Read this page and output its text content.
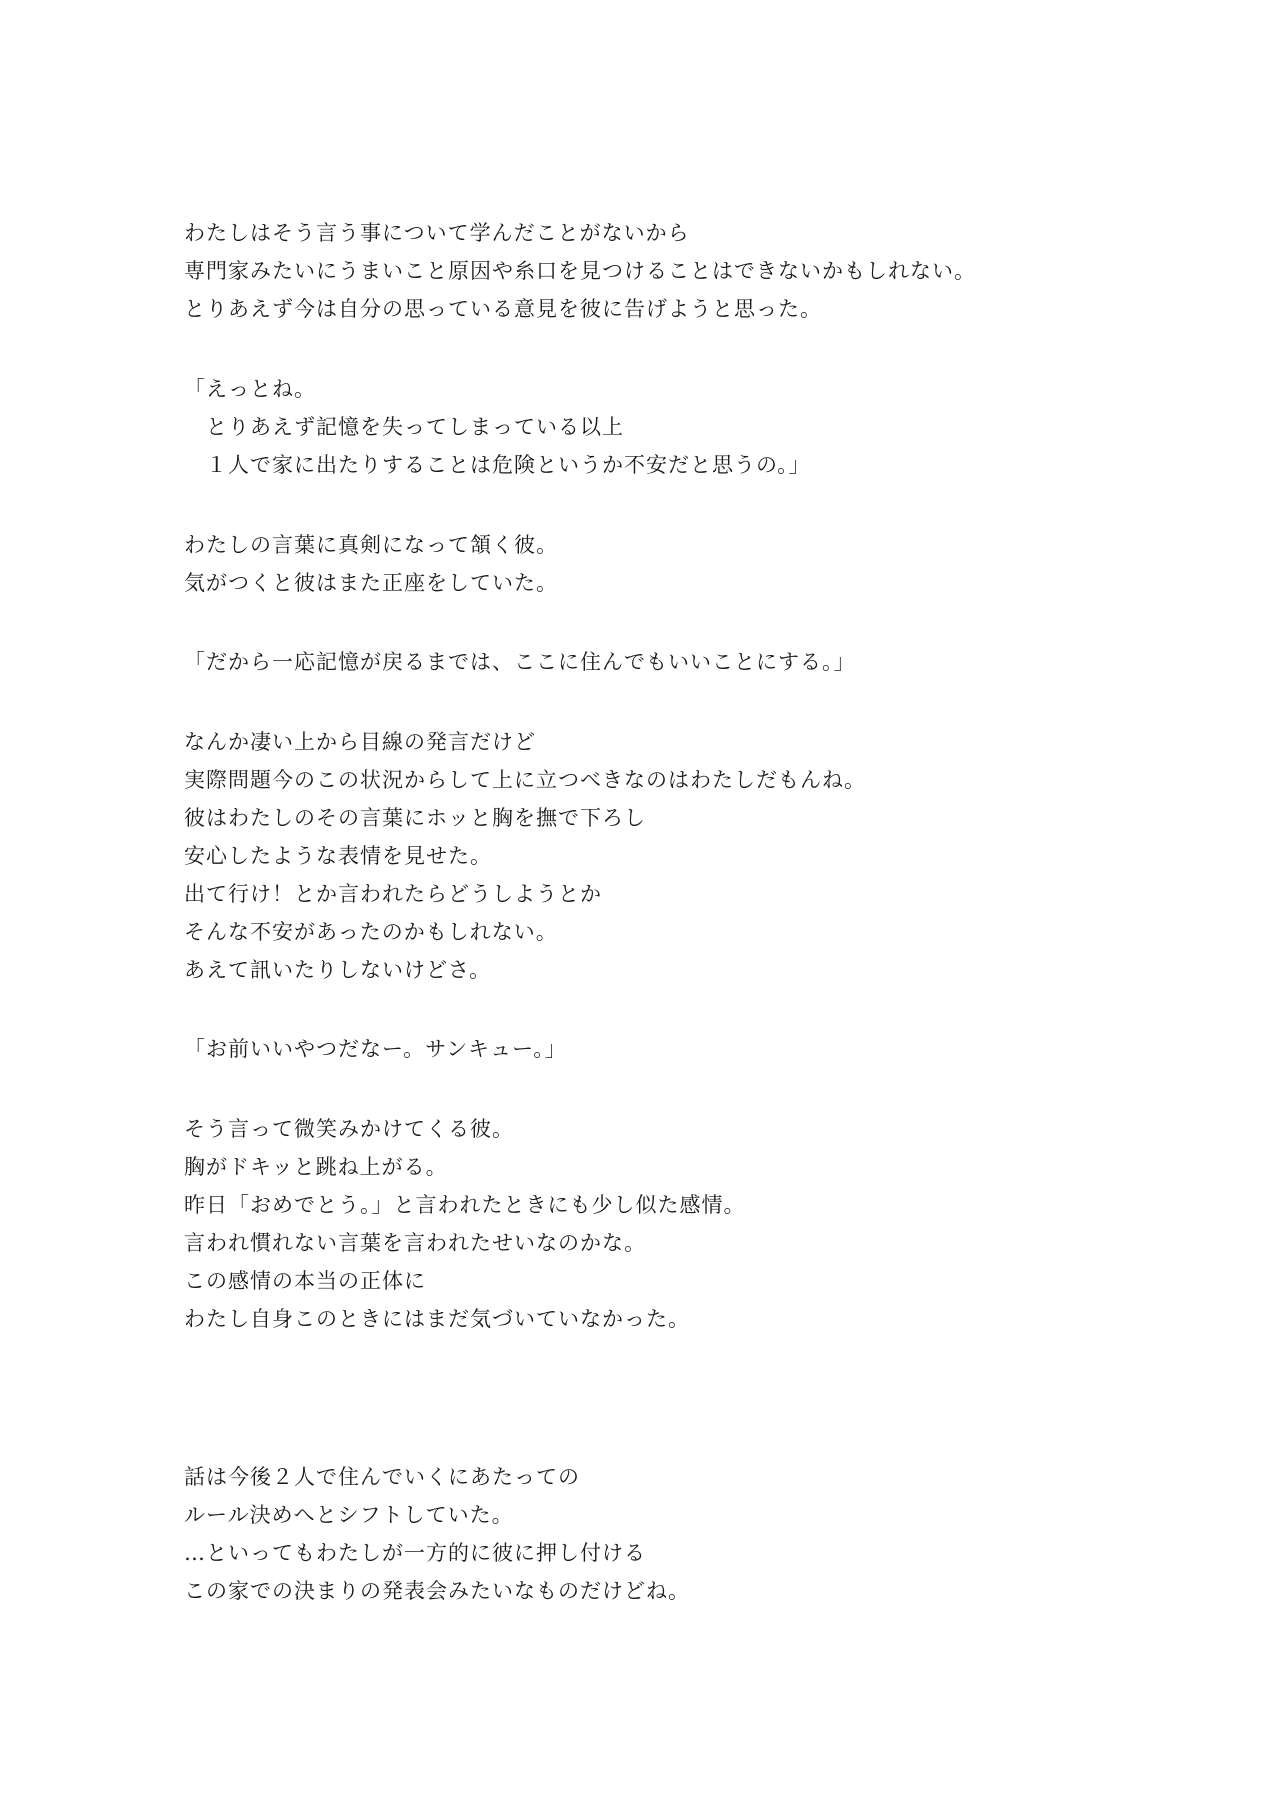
わたしはそう言う事について学んだことがないから
専門家みたいにうまいこと原因や糸口を見つけることはできないかもしれない。
とりあえず今は自分の思っている意見を彼に告げようと思った。
「えっとね。
　とりあえず記憶を失ってしまっている以上
　１人で家に出たりすることは危険というか不安だと思うの。」
わたしの言葉に真剣になって頷く彼。
気がつくと彼はまた正座をしていた。
「だから一応記憶が戻るまでは、ここに住んでもいいことにする。」
なんか凄い上から目線の発言だけど
実際問題今のこの状況からして上に立つべきなのはわたしだもんね。
彼はわたしのその言葉にホッと胸を撫で下ろし
安心したような表情を見せた。
出て行け！とか言われたらどうしようとか
そんな不安があったのかもしれない。
あえて訊いたりしないけどさ。
「お前いいやつだなー。サンキュー。」
そう言って微笑みかけてくる彼。
胸がドキッと跳ね上がる。
昨日「おめでとう。」と言われたときにも少し似た感情。
言われ慣れない言葉を言われたせいなのかな。
この感情の本当の正体に
わたし自身このときにはまだ気づいていなかった。
話は今後２人で住んでいくにあたっての
ルール決めへとシフトしていた。
…といってもわたしが一方的に彼に押し付ける
この家での決まりの発表会みたいなものだけどね。
